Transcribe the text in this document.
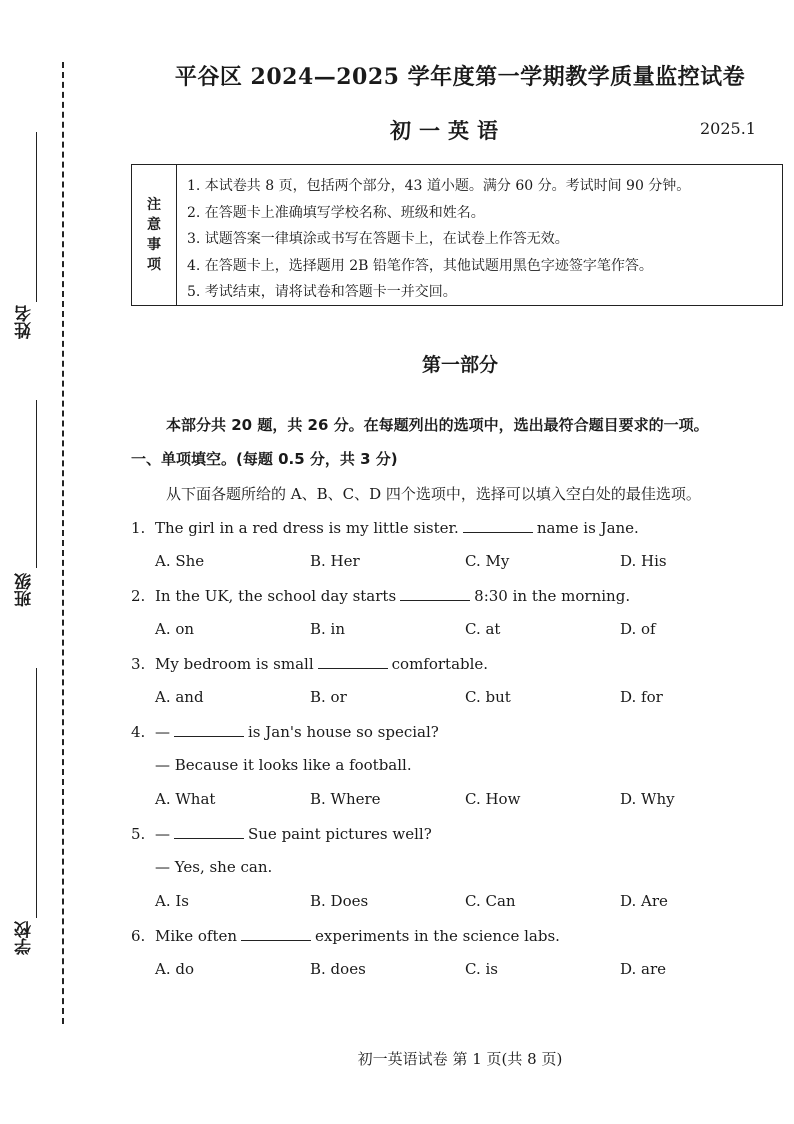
姓名
班级
学校
平谷区 2024—2025 学年度第一学期教学质量监控试卷
初一英语	2025.1
注
意
事
项
1. 本试卷共 8 页，包括两个部分，43 道小题。满分 60 分。考试时间 90 分钟。
2. 在答题卡上准确填写学校名称、班级和姓名。
3. 试题答案一律填涂或书写在答题卡上，在试卷上作答无效。
4. 在答题卡上，选择题用 2B 铅笔作答，其他试题用黑色字迹签字笔作答。
5. 考试结束，请将试卷和答题卡一并交回。
第一部分
本部分共 20 题，共 26 分。在每题列出的选项中，选出最符合题目要求的一项。
一、单项填空。(每题 0.5 分，共 3 分)
从下面各题所给的 A、B、C、D 四个选项中，选择可以填入空白处的最佳选项。
1. The girl in a red dress is my little sister.	name is Jane.
A. She	B. Her	C. My	D. His
2. In the UK, the school day starts	8:30 in the morning.
A. on	B. in	C. at	D. of
3. My bedroom is small	comfortable.
A. and	B. or	C. but	D. for
4. —	is Jan's house so special?
— Because it looks like a football.
A. What	B. Where	C. How	D. Why
5. —	Sue paint pictures well?
— Yes, she can.
A. Is	B. Does	C. Can	D. Are
6. Mike often	experiments in the science labs.
A. do	B. does	C. is	D. are
初一英语试卷 第 1 页(共 8 页)
